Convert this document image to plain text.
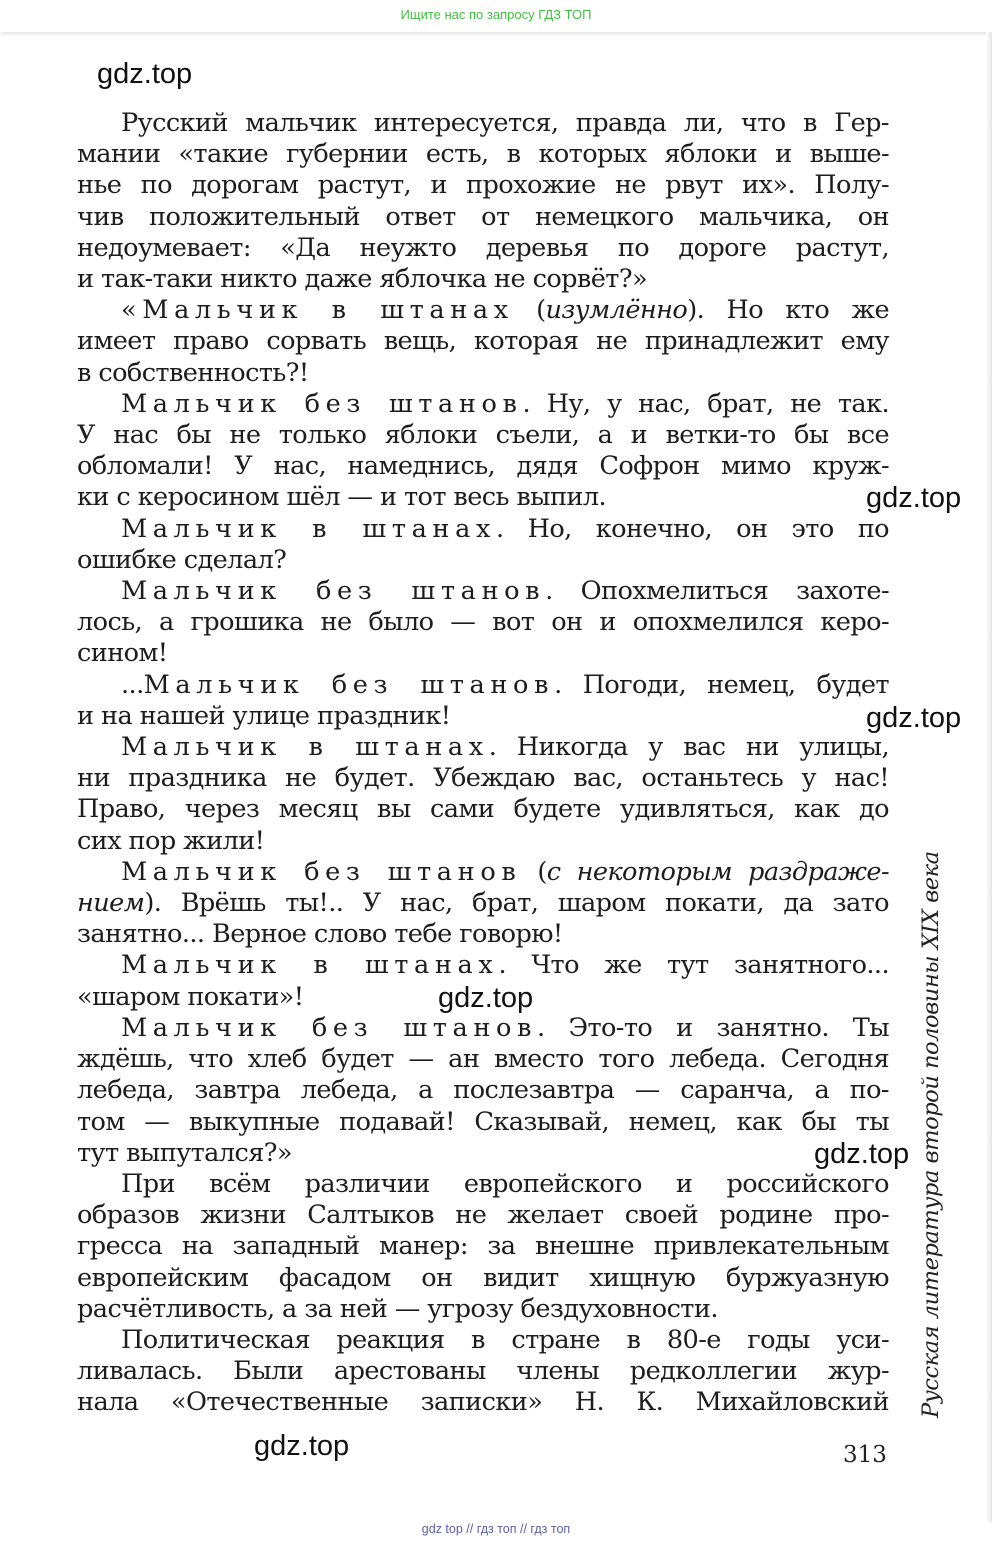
Ищите нас по запросу ГДЗ ТОП
gdz.top
gdz.top
gdz.top
gdz.top
gdz.top
gdz.top
Русский мальчик интересуется, правда ли, что в Гер-
мании «такие губернии есть, в которых яблоки и выше-
нье по дорогам растут, и прохожие не рвут их». Полу-
чив положительный ответ от немецкого мальчика, он
недоумевает: «Да неужто деревья по дороге растут,
и так-таки никто даже яблочка не сорвёт?»
«Мальчик в штанах (изумлённо). Но кто же
имеет право сорвать вещь, которая не принадлежит ему
в собственность?!
Мальчик без штанов. Ну, у нас, брат, не так.
У нас бы не только яблоки съели, а и ветки-то бы все
обломали! У нас, намеднись, дядя Софрон мимо круж-
ки с керосином шёл — и тот весь выпил.
Мальчик в штанах. Но, конечно, он это по
ошибке сделал?
Мальчик без штанов. Опохмелиться захоте-
лось, а грошика не было — вот он и опохмелился керо-
сином!
...Мальчик без штанов. Погоди, немец, будет
и на нашей улице праздник!
Мальчик в штанах. Никогда у вас ни улицы,
ни праздника не будет. Убеждаю вас, останьтесь у нас!
Право, через месяц вы сами будете удивляться, как до
сих пор жили!
Мальчик без штанов (с некоторым раздраже-
нием). Врёшь ты!.. У нас, брат, шаром покати, да зато
занятно... Верное слово тебе говорю!
Мальчик в штанах. Что же тут занятного...
«шаром покати»!
Мальчик без штанов. Это-то и занятно. Ты
ждёшь, что хлеб будет — ан вместо того лебеда. Сегодня
лебеда, завтра лебеда, а послезавтра — саранча, а по-
том — выкупные подавай! Сказывай, немец, как бы ты
тут выпутался?»
При всём различии европейского и российского
образов жизни Салтыков не желает своей родине про-
гресса на западный манер: за внешне привлекательным
европейским фасадом он видит хищную буржуазную
расчётливость, а за ней — угрозу бездуховности.
Политическая реакция в стране в 80-е годы уси-
ливалась. Были арестованы члены редколлегии жур-
нала «Отечественные записки» Н. К. Михайловский Русская литература второй половины XIX века
313
gdz top // гдз топ // гдз топ
